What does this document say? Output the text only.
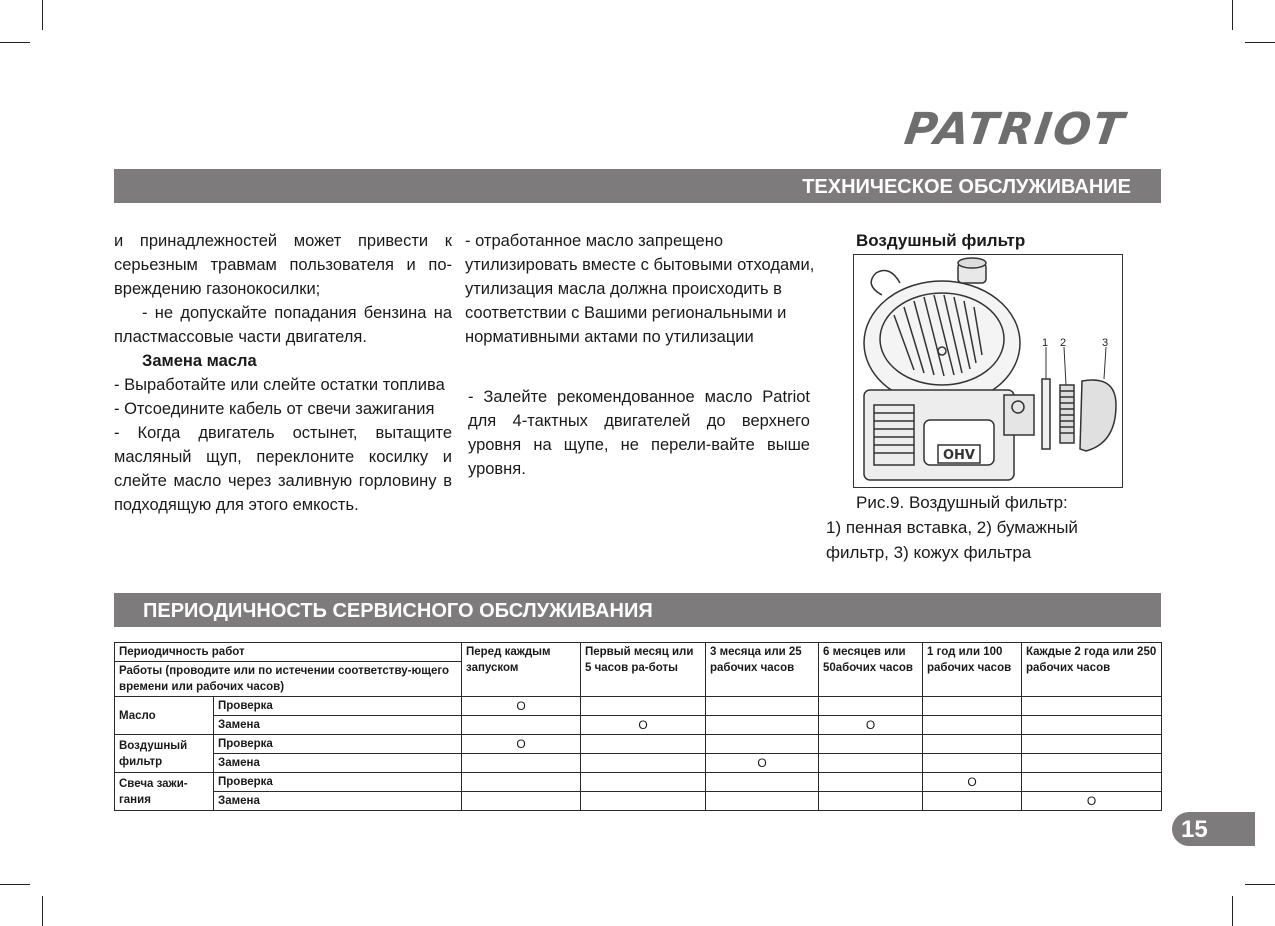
PATRIOT
ТЕХНИЧЕСКОЕ ОБСЛУЖИВАНИЕ

и принадлежностей может привести к серьезным травмам пользователя и по-вреждению газонокосилки;

- не допускайте попадания бензина на пластмассовые части двигателя.

Замена масла

- Выработайте или слейте остатки топлива

- Отсоедините кабель от свечи зажигания

- Когда двигатель остынет, вытащите масляный щуп, переклоните косилку и слейте масло через заливную горловину в подходящую для этого емкость.

- отработанное масло запрещено утилизировать вместе с бытовыми отходами, утилизация масла должна происходить в соответствии с Вашими региональными и нормативными актами по утилизации

- Залейте рекомендованное масло Patriot для 4-тактных двигателей до верхнего уровня на щупе, не перели-вайте выше уровня.

Воздушный фильтр
OHV
1 2	3

Рис.9. Воздушный фильтр:

1) пенная вставка, 2) бумажный фильтр, 3) кожух фильтра

ПЕРИОДИЧНОСТЬ СЕРВИСНОГО ОБСЛУЖИВАНИЯ
Периодичность работ		Перед каждым запуском	Первый месяц или 5 часов ра-боты	3 месяца или 25 рабочих часов	6 месяцев или 50абочих часов	1 год или 100 рабочих часов	Каждые 2 года или 250 рабочих часов
Работы (проводите или по истечении соответству-ющего времени или рабочих часов)							
Масло	Проверка	O					
	Замена		O		O		
Воздушный фильтр	Проверка	O					
	Замена			O			
Свеча зажи-гания	Проверка					O	
	Замена						O
15
